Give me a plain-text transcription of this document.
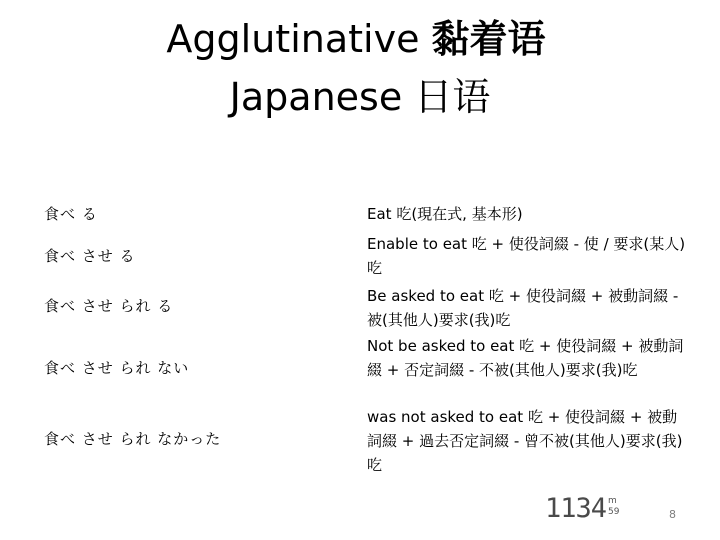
Agglutinative 黏着语
Japanese 日语
食べ る	Eat 吃(現在式, 基本形)
食べ させ る
Enable to eat 吃 + 使役詞綴 - 使 / 要求(某人)吃
食べ させ られ る
Be asked to eat 吃 + 使役詞綴 + 被動詞綴 - 被(其他人)要求(我)吃
食べ させ られ ない
Not be asked to eat 吃 + 使役詞綴 + 被動詞綴 + 否定詞綴 - 不被(其他人)要求(我)吃
食べ させ られ なかった
was not asked to eat 吃 + 使役詞綴 + 被動詞綴 + 過去否定詞綴 - 曾不被(其他人)要求(我)吃
1134 m
59	8
